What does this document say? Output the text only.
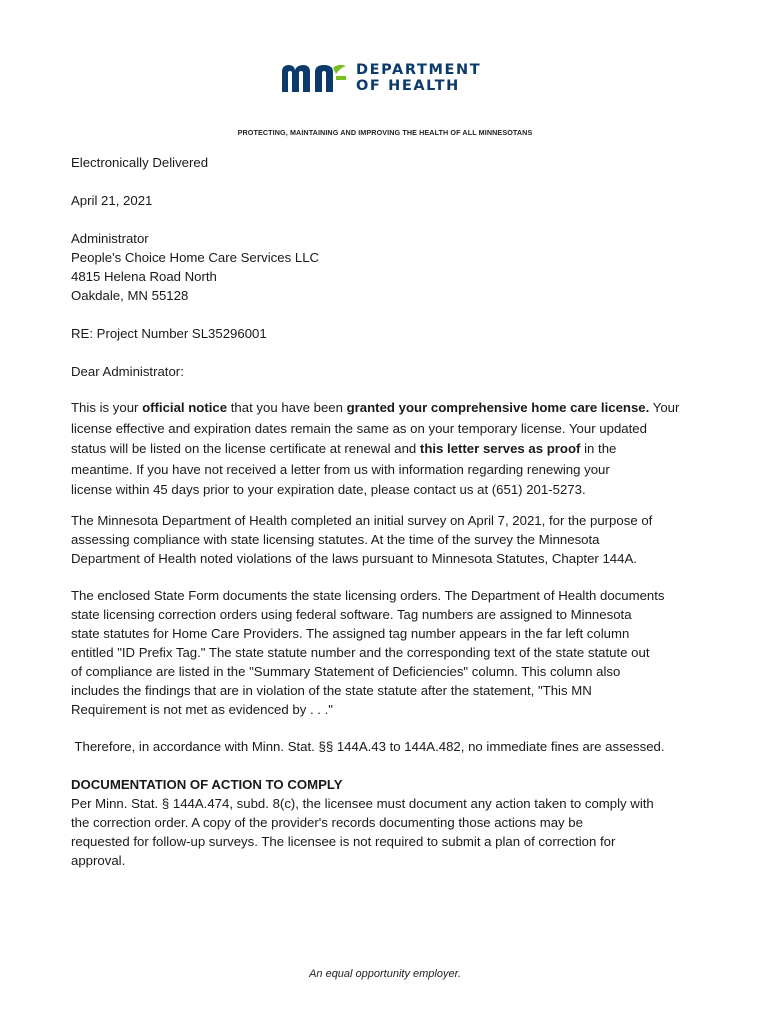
DEPARTMENT
OF HEALTH
PROTECTING, MAINTAINING AND IMPROVING THE HEALTH OF ALL MINNESOTANS
Electronically Delivered
April 21, 2021
Administrator
People's Choice Home Care Services LLC
4815 Helena Road North
Oakdale, MN 55128
RE: Project Number SL35296001
Dear Administrator:
This is your official notice that you have been granted your comprehensive home care license. Your
license effective and expiration dates remain the same as on your temporary license. Your updated
status will be listed on the license certificate at renewal and this letter serves as proof in the
meantime. If you have not received a letter from us with information regarding renewing your
license within 45 days prior to your expiration date, please contact us at (651) 201-5273.
The Minnesota Department of Health completed an initial survey on April 7, 2021, for the purpose of
assessing compliance with state licensing statutes. At the time of the survey the Minnesota
Department of Health noted violations of the laws pursuant to Minnesota Statutes, Chapter 144A.
The enclosed State Form documents the state licensing orders. The Department of Health documents
state licensing correction orders using federal software. Tag numbers are assigned to Minnesota
state statutes for Home Care Providers. The assigned tag number appears in the far left column
entitled "ID Prefix Tag." The state statute number and the corresponding text of the state statute out
of compliance are listed in the "Summary Statement of Deficiencies" column. This column also
includes the findings that are in violation of the state statute after the statement, "This MN
Requirement is not met as evidenced by . . ."
Therefore, in accordance with Minn. Stat. §§ 144A.43 to 144A.482, no immediate fines are assessed.
DOCUMENTATION OF ACTION TO COMPLY
Per Minn. Stat. § 144A.474, subd. 8(c), the licensee must document any action taken to comply with
the correction order. A copy of the provider's records documenting those actions may be
requested for follow-up surveys. The licensee is not required to submit a plan of correction for
approval.
An equal opportunity employer.
